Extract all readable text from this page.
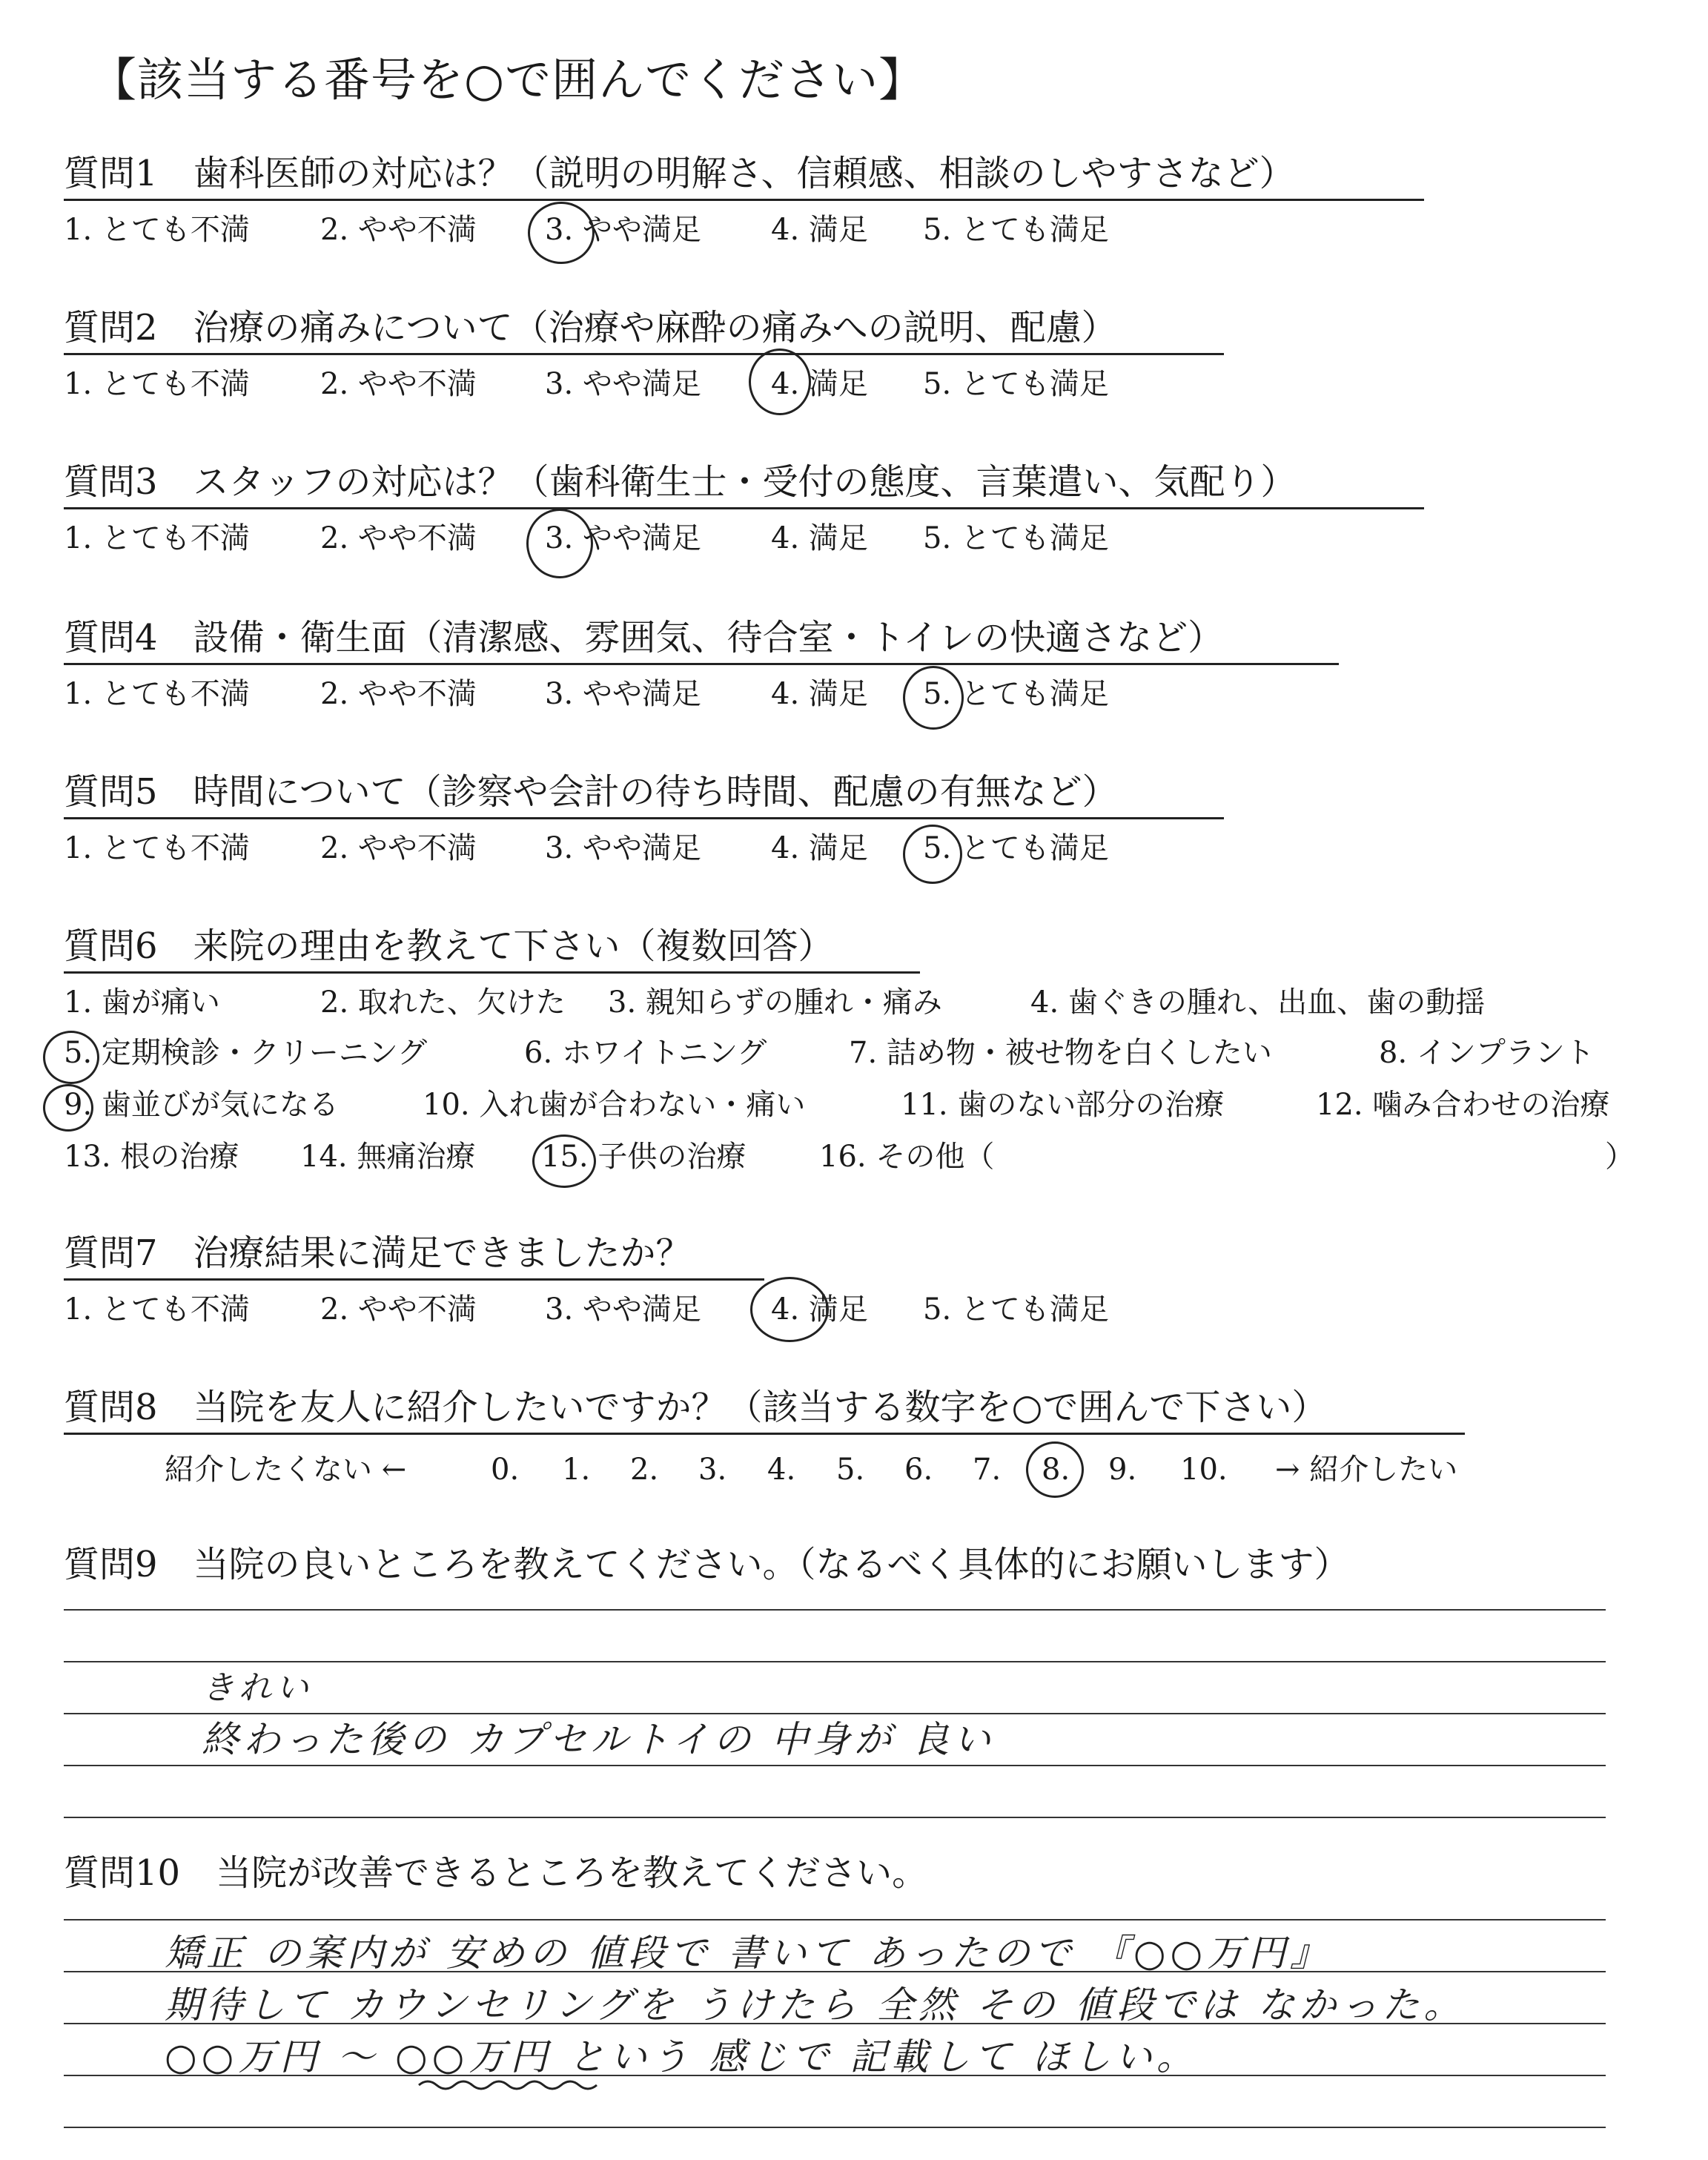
【該当する番号を○で囲んでください】
質問1　歯科医師の対応は？（説明の明解さ、信頼感、相談のしやすさなど）
1. とても不満 2. やや不満 3. やや満足 4. 満足 5. とても満足
質問2　治療の痛みについて（治療や麻酔の痛みへの説明、配慮）
1. とても不満 2. やや不満 3. やや満足 4. 満足 5. とても満足
質問3　スタッフの対応は？（歯科衛生士・受付の態度、言葉遣い、気配り）
1. とても不満 2. やや不満 3. やや満足 4. 満足 5. とても満足
質問4　設備・衛生面（清潔感、雰囲気、待合室・トイレの快適さなど）
1. とても不満 2. やや不満 3. やや満足 4. 満足 5. とても満足
質問5　時間について（診察や会計の待ち時間、配慮の有無など）
1. とても不満 2. やや不満 3. やや満足 4. 満足 5. とても満足
質問6　来院の理由を教えて下さい（複数回答）
1. 歯が痛い	2. 取れた、欠けた 3. 親知らずの腫れ・痛み	4. 歯ぐきの腫れ、出血、歯の動揺
5. 定期検診・クリーニング	6. ホワイトニング	7. 詰め物・被せ物を白くしたい	8. インプラント
9. 歯並びが気になる	10. 入れ歯が合わない・痛い	11. 歯のない部分の治療	12. 噛み合わせの治療
13. 根の治療 14. 無痛治療 15. 子供の治療 16. その他（	）
質問7　治療結果に満足できましたか？
1. とても不満 2. やや不満 3. やや満足 4. 満足 5. とても満足
質問8　当院を友人に紹介したいですか？（該当する数字を○で囲んで下さい）
紹介したくない ←	0. 1. 2. 3. 4. 5. 6. 7. 8. 9. 10. → 紹介したい
質問9　当院の良いところを教えてください。（なるべく具体的にお願いします）
きれい
終わった後の カプセルトイの 中身が 良い
質問10　当院が改善できるところを教えてください。
矯正 の案内が 安めの 値段で 書いて あったので 『○○万円』
期待して カウンセリングを うけたら 全然 その 値段では なかった。
○○万円 〜 ○○万円 という 感じで 記載して ほしい。
